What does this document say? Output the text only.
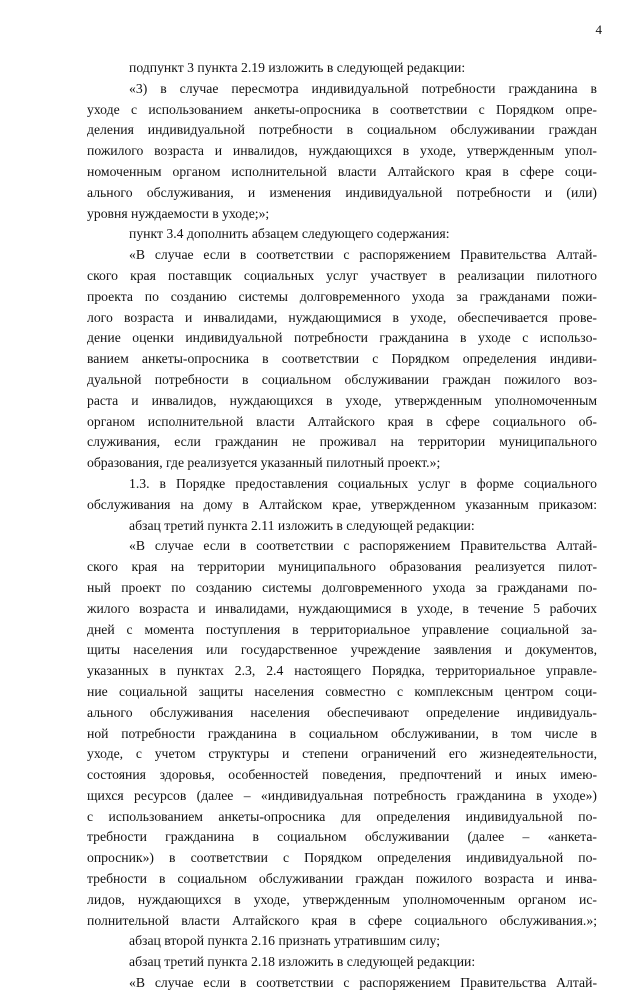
4
подпункт 3 пункта 2.19 изложить в следующей редакции:
«3) в случае пересмотра индивидуальной потребности гражданина в
уходе с использованием анкеты-опросника в соответствии с Порядком опре-
деления индивидуальной потребности в социальном обслуживании граждан
пожилого возраста и инвалидов, нуждающихся в уходе, утвержденным упол-
номоченным органом исполнительной власти Алтайского края в сфере соци-
ального обслуживания, и изменения индивидуальной потребности и (или)
уровня нуждаемости в уходе;»;
пункт 3.4 дополнить абзацем следующего содержания:
«В случае если в соответствии с распоряжением Правительства Алтай-
ского края поставщик социальных услуг участвует в реализации пилотного
проекта по созданию системы долговременного ухода за гражданами пожи-
лого возраста и инвалидами, нуждающимися в уходе, обеспечивается прове-
дение оценки индивидуальной потребности гражданина в уходе с использо-
ванием анкеты-опросника в соответствии с Порядком определения индиви-
дуальной потребности в социальном обслуживании граждан пожилого воз-
раста и инвалидов, нуждающихся в уходе, утвержденным уполномоченным
органом исполнительной власти Алтайского края в сфере социального об-
служивания, если гражданин не проживал на территории муниципального
образования, где реализуется указанный пилотный проект.»;
1.3. в Порядке предоставления социальных услуг в форме социального
обслуживания на дому в Алтайском крае, утвержденном указанным приказом:
абзац третий пункта 2.11 изложить в следующей редакции:
«В случае если в соответствии с распоряжением Правительства Алтай-
ского края на территории муниципального образования реализуется пилот-
ный проект по созданию системы долговременного ухода за гражданами по-
жилого возраста и инвалидами, нуждающимися в уходе, в течение 5 рабочих
дней с момента поступления в территориальное управление социальной за-
щиты населения или государственное учреждение заявления и документов,
указанных в пунктах 2.3, 2.4 настоящего Порядка, территориальное управле-
ние социальной защиты населения совместно с комплексным центром соци-
ального обслуживания населения обеспечивают определение индивидуаль-
ной потребности гражданина в социальном обслуживании, в том числе в
уходе, с учетом структуры и степени ограничений его жизнедеятельности,
состояния здоровья, особенностей поведения, предпочтений и иных имею-
щихся ресурсов (далее – «индивидуальная потребность гражданина в уходе»)
с использованием анкеты-опросника для определения индивидуальной по-
требности гражданина в социальном обслуживании (далее – «анкета-
опросник») в соответствии с Порядком определения индивидуальной по-
требности в социальном обслуживании граждан пожилого возраста и инва-
лидов, нуждающихся в уходе, утвержденным уполномоченным органом ис-
полнительной власти Алтайского края в сфере социального обслуживания.»;
абзац второй пункта 2.16 признать утратившим силу;
абзац третий пункта 2.18 изложить в следующей редакции:
«В случае если в соответствии с распоряжением Правительства Алтай-
